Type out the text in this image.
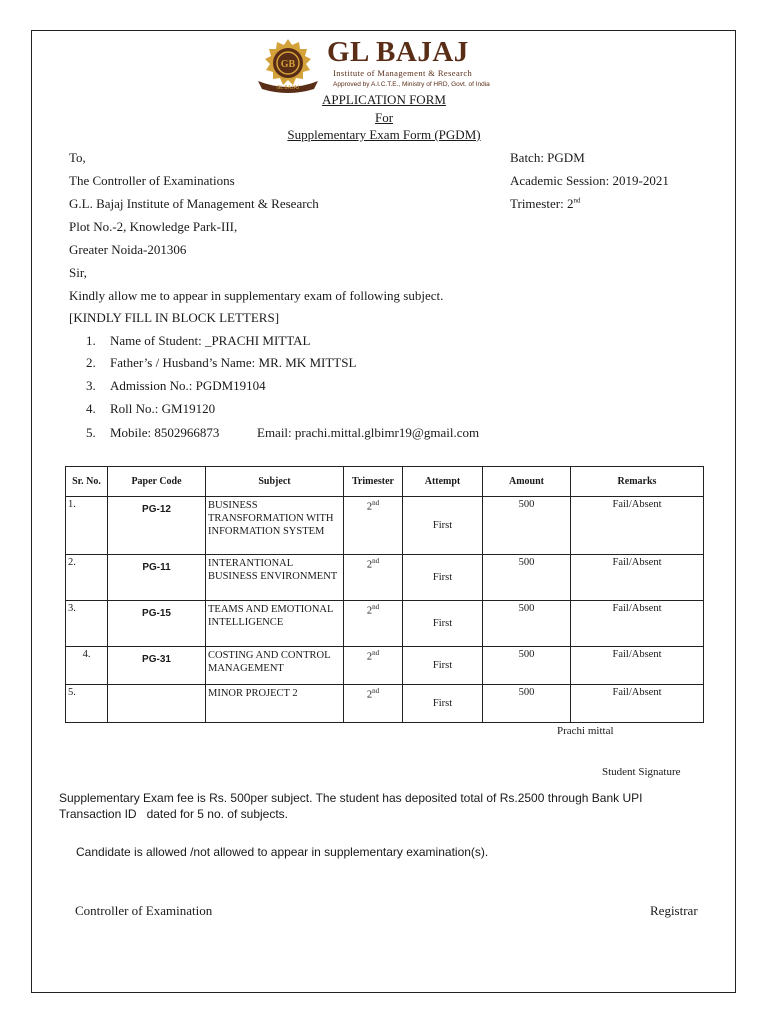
GB
GL BAJAJ
GL BAJAJ
Institute of Management & Research
Approved by A.I.C.T.E., Ministry of HRD, Govt. of India
APPLICATION FORM
For
Supplementary Exam Form (PGDM)
To,
The Controller of Examinations
G.L. Bajaj Institute of Management & Research
Plot No.-2, Knowledge Park-III,
Greater Noida-201306
Sir,
Batch: PGDM
Academic Session: 2019-2021
Trimester: 2nd
Kindly allow me to appear in supplementary exam of following subject.
[KINDLY FILL IN BLOCK LETTERS]
1. Name of Student: _PRACHI MITTAL
2. Father’s / Husband’s Name: MR. MK MITTSL
3. Admission No.: PGDM19104
4. Roll No.: GM19120
5. Mobile: 8502966873	Email: prachi.mittal.glbimr19@gmail.com
Sr. No.	Paper Code	Subject	Trimester	Attempt	Amount	Remarks
1.	PG-12	BUSINESS TRANSFORMATION WITH INFORMATION SYSTEM	2nd	First	500	Fail/Absent
2.	PG-11	INTERANTIONAL BUSINESS ENVIRONMENT	2nd	First	500	Fail/Absent
3.	PG-15	TEAMS AND EMOTIONAL INTELLIGENCE	2nd	First	500	Fail/Absent
4.	PG-31	COSTING AND CONTROL MANAGEMENT	2nd	First	500	Fail/Absent
5.		MINOR PROJECT 2	2nd	First	500	Fail/Absent
Prachi mittal
Student Signature
Supplementary Exam fee is Rs. 500per subject. The student has deposited total of Rs.2500 through Bank UPI
Transaction ID   dated for 5 no. of subjects.
Candidate is allowed /not allowed to appear in supplementary examination(s).
Controller of Examination	Registrar
